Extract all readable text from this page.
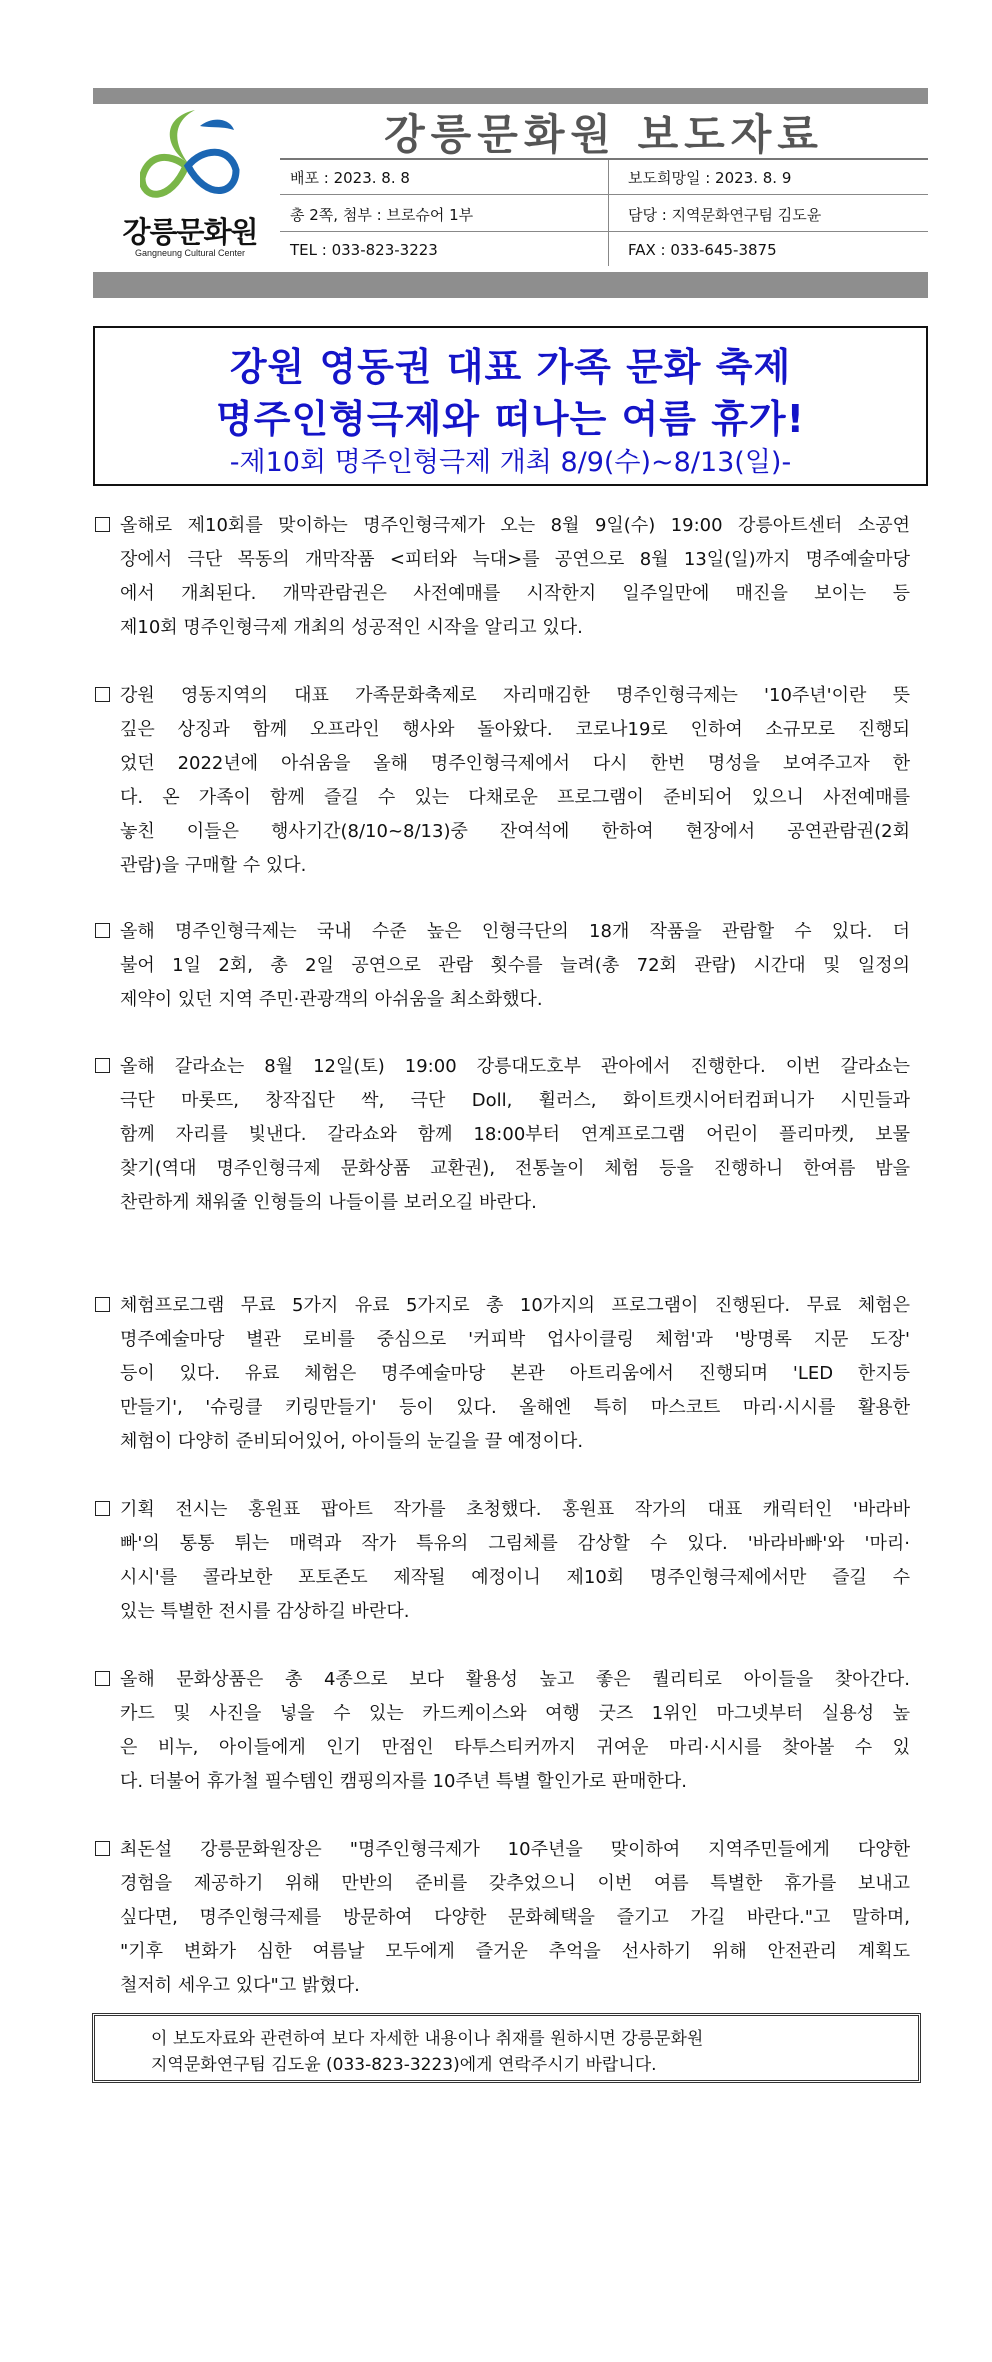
강릉문화원
Gangneung Cultural Center
강릉문화원 보도자료
배포 : 2023. 8. 8	보도희망일 : 2023. 8. 9
총 2쪽, 첨부 : 브로슈어 1부	담당 : 지역문화연구팀 김도윤
TEL : 033-823-3223	FAX : 033-645-3875
강원 영동권 대표 가족 문화 축제
명주인형극제와 떠나는 여름 휴가!
-제10회 명주인형극제 개최 8/9(수)~8/13(일)-
올해로 제10회를 맞이하는 명주인형극제가 오는 8월 9일(수) 19:00 강릉아트센터 소공연
장에서 극단 목동의 개막작품 <피터와 늑대>를 공연으로 8월 13일(일)까지 명주예술마당
에서 개최된다. 개막관람권은 사전예매를 시작한지 일주일만에 매진을 보이는 등
제10회 명주인형극제 개최의 성공적인 시작을 알리고 있다.
강원 영동지역의 대표 가족문화축제로 자리매김한 명주인형극제는 '10주년'이란 뜻
깊은 상징과 함께 오프라인 행사와 돌아왔다. 코로나19로 인하여 소규모로 진행되
었던 2022년에 아쉬움을 올해 명주인형극제에서 다시 한번 명성을 보여주고자 한
다. 온 가족이 함께 즐길 수 있는 다채로운 프로그램이 준비되어 있으니 사전예매를
놓친 이들은 행사기간(8/10~8/13)중 잔여석에 한하여 현장에서 공연관람권(2회
관람)을 구매할 수 있다.
올해 명주인형극제는 국내 수준 높은 인형극단의 18개 작품을 관람할 수 있다. 더
불어 1일 2회, 총 2일 공연으로 관람 횟수를 늘려(총 72회 관람) 시간대 및 일정의
제약이 있던 지역 주민·관광객의 아쉬움을 최소화했다.
올해 갈라쇼는 8월 12일(토) 19:00 강릉대도호부 관아에서 진행한다. 이번 갈라쇼는
극단 마롯뜨, 창작집단 싹, 극단 Doll, 휠러스, 화이트캣시어터컴퍼니가 시민들과
함께 자리를 빛낸다. 갈라쇼와 함께 18:00부터 연계프로그램 어린이 플리마켓, 보물
찾기(역대 명주인형극제 문화상품 교환권), 전통놀이 체험 등을 진행하니 한여름 밤을
찬란하게 채워줄 인형들의 나들이를 보러오길 바란다.
체험프로그램 무료 5가지 유료 5가지로 총 10가지의 프로그램이 진행된다. 무료 체험은
명주예술마당 별관 로비를 중심으로 '커피박 업사이클링 체험'과 '방명록 지문 도장'
등이 있다. 유료 체험은 명주예술마당 본관 아트리움에서 진행되며 'LED 한지등
만들기', '슈링클 키링만들기' 등이 있다. 올해엔 특히 마스코트 마리·시시를 활용한
체험이 다양히 준비되어있어, 아이들의 눈길을 끌 예정이다.
기획 전시는 홍원표 팝아트 작가를 초청했다. 홍원표 작가의 대표 캐릭터인 '바라바
빠'의 통통 튀는 매력과 작가 특유의 그림체를 감상할 수 있다. '바라바빠'와 '마리·
시시'를 콜라보한 포토존도 제작될 예정이니 제10회 명주인형극제에서만 즐길 수
있는 특별한 전시를 감상하길 바란다.
올해 문화상품은 총 4종으로 보다 활용성 높고 좋은 퀄리티로 아이들을 찾아간다.
카드 및 사진을 넣을 수 있는 카드케이스와 여행 굿즈 1위인 마그넷부터 실용성 높
은 비누, 아이들에게 인기 만점인 타투스티커까지 귀여운 마리·시시를 찾아볼 수 있
다. 더불어 휴가철 필수템인 캠핑의자를 10주년 특별 할인가로 판매한다.
최돈설 강릉문화원장은 "명주인형극제가 10주년을 맞이하여 지역주민들에게 다양한
경험을 제공하기 위해 만반의 준비를 갖추었으니 이번 여름 특별한 휴가를 보내고
싶다면, 명주인형극제를 방문하여 다양한 문화혜택을 즐기고 가길 바란다."고 말하며,
"기후 변화가 심한 여름날 모두에게 즐거운 추억을 선사하기 위해 안전관리 계획도
철저히 세우고 있다"고 밝혔다.
이 보도자료와 관련하여 보다 자세한 내용이나 취재를 원하시면 강릉문화원
지역문화연구팀 김도윤 (033-823-3223)에게 연락주시기 바랍니다.
